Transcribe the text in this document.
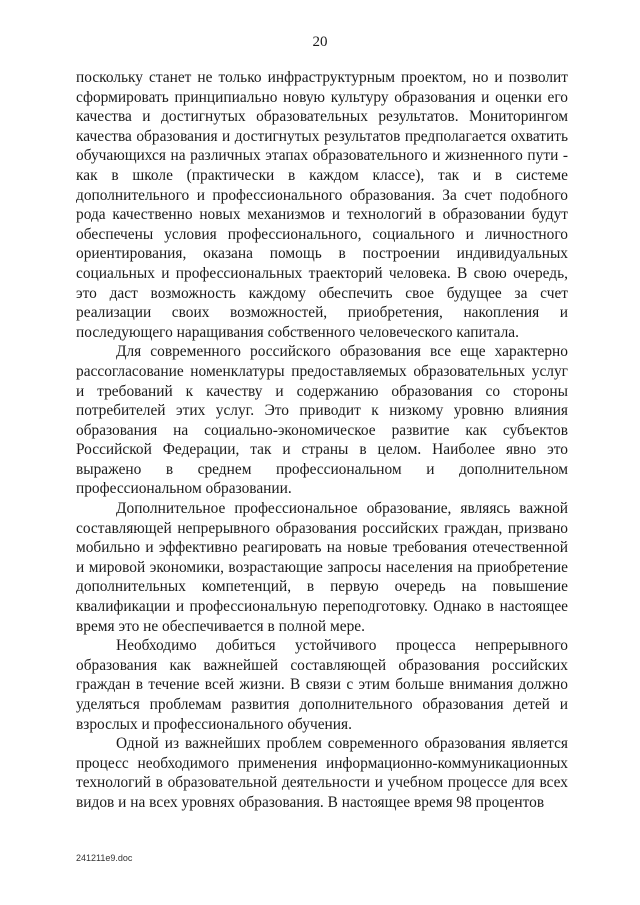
20

поскольку станет не только инфраструктурным проектом, но и позволит сформировать принципиально новую культуру образования и оценки его качества и достигнутых образовательных результатов. Мониторингом качества образования и достигнутых результатов предполагается охватить обучающихся на различных этапах образовательного и жизненного пути - как в школе (практически в каждом классе), так и в системе дополнительного и профессионального образования. За счет подобного рода качественно новых механизмов и технологий в образовании будут обеспечены условия профессионального, социального и личностного ориентирования, оказана помощь в построении индивидуальных социальных и профессиональных траекторий человека. В свою очередь, это даст возможность каждому обеспечить свое будущее за счет реализации своих возможностей, приобретения, накопления и последующего наращивания собственного человеческого капитала.

Для современного российского образования все еще характерно рассогласование номенклатуры предоставляемых образовательных услуг и требований к качеству и содержанию образования со стороны потребителей этих услуг. Это приводит к низкому уровню влияния образования на социально-экономическое развитие как субъектов Российской Федерации, так и страны в целом. Наиболее явно это выражено в среднем профессиональном и дополнительном профессиональном образовании.

Дополнительное профессиональное образование, являясь важной составляющей непрерывного образования российских граждан, призвано мобильно и эффективно реагировать на новые требования отечественной и мировой экономики, возрастающие запросы населения на приобретение дополнительных компетенций, в первую очередь на повышение квалификации и профессиональную переподготовку. Однако в настоящее время это не обеспечивается в полной мере.

Необходимо добиться устойчивого процесса непрерывного образования как важнейшей составляющей образования российских граждан в течение всей жизни. В связи с этим больше внимания должно уделяться проблемам развития дополнительного образования детей и взрослых и профессионального обучения.

Одной из важнейших проблем современного образования является процесс необходимого применения информационно-коммуникационных технологий в образовательной деятельности и учебном процессе для всех видов и на всех уровнях образования. В настоящее время 98 процентов

241211e9.doc
